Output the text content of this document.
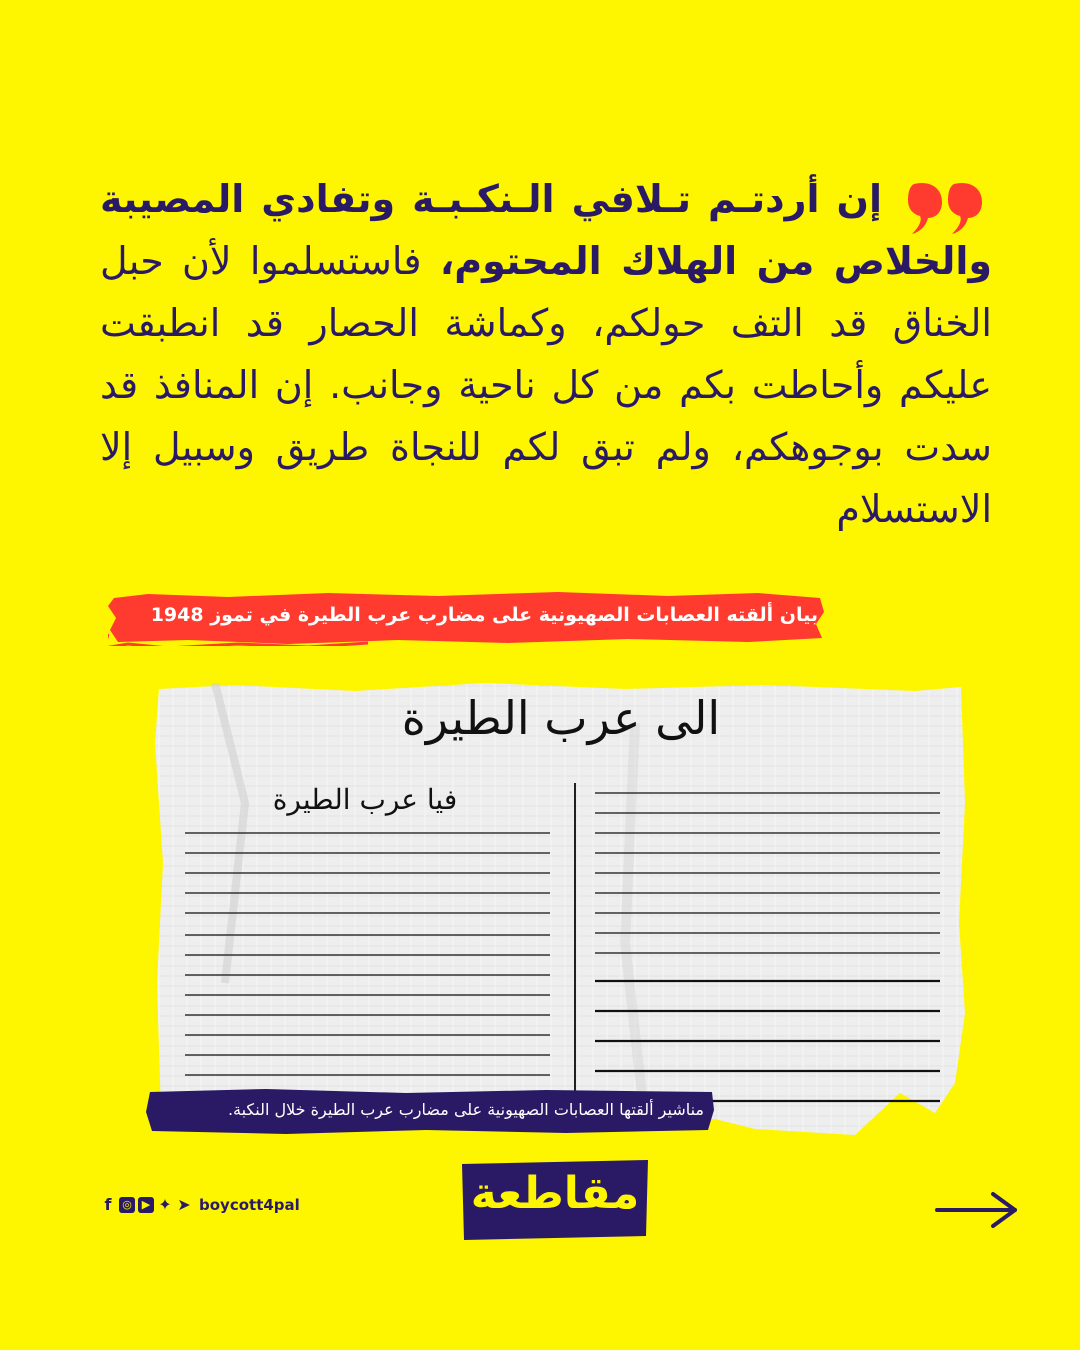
إن أردتـم تـلافي الـنكـبـة وتفادي المصيبة والخلاص من الهلاك المحتوم، فاستسلموا لأن حبل الخناق قد التف حولكم، وكماشة الحصار قد انطبقت عليكم وأحاطت بكم من كل ناحية وجانب. إن المنافذ قد سدت بوجوهكم، ولم تبق لكم للنجاة طريق وسبيل إلا الاستسلام
بيان ألقته العصابات الصهيونية على مضارب عرب الطيرة في تموز 1948
الى عرب الطيرة
فيا عرب الطيرة
مناشير ألقتها العصابات الصهيونية على مضارب عرب الطيرة خلال النكبة.
f ◎ ▶ ✦ ➤ boycott4pal	مقاطعة
